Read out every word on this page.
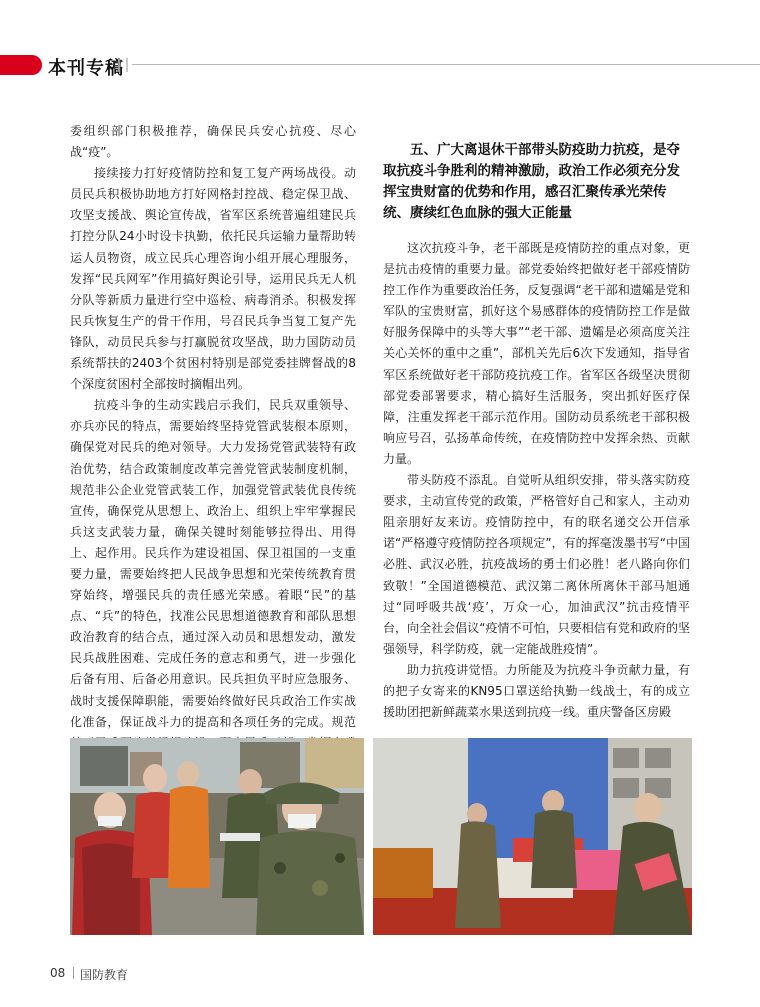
本刊专稿

委组织部门积极推荐，确保民兵安心抗疫、尽心战“疫”。

接续接力打好疫情防控和复工复产两场战役。动员民兵积极协助地方打好网格封控战、稳定保卫战、攻坚支援战、舆论宣传战，省军区系统普遍组建民兵打控分队24小时设卡执勤，依托民兵运输力量帮助转运人员物资，成立民兵心理咨询小组开展心理服务，发挥“民兵网军”作用搞好舆论引导，运用民兵无人机分队等新质力量进行空中巡检、病毒消杀。积极发挥民兵恢复生产的骨干作用，号召民兵争当复工复产先锋队，动员民兵参与打赢脱贫攻坚战，助力国防动员系统帮扶的2403个贫困村特别是部党委挂牌督战的8个深度贫困村全部按时摘帽出列。

抗疫斗争的生动实践启示我们，民兵双重领导、亦兵亦民的特点，需要始终坚持党管武装根本原则，确保党对民兵的绝对领导。大力发扬党管武装特有政治优势，结合政策制度改革完善党管武装制度机制，规范非公企业党管武装工作，加强党管武装优良传统宣传，确保党从思想上、政治上、组织上牢牢掌握民兵这支武装力量，确保关键时刻能够拉得出、用得上、起作用。民兵作为建设祖国、保卫祖国的一支重要力量，需要始终把人民战争思想和光荣传统教育贯穿始终，增强民兵的责任感光荣感。着眼“民”的基点、“兵”的特色，找准公民思想道德教育和部队思想政治教育的结合点，通过深入动员和思想发动，激发民兵战胜困难、完成任务的意志和勇气，进一步强化后备有用、后备必用意识。民兵担负平时应急服务、战时支援保障职能，需要始终做好民兵政治工作实战化准备，保证战斗力的提高和各项任务的完成。规范

五、广大离退休干部带头防疫助力抗疫，是夺取抗疫斗争胜利的精神激励，政治工作必须充分发挥宝贵财富的优势和作用，感召汇聚传承光荣传统、赓续红色血脉的强大正能量

这次抗疫斗争，老干部既是疫情防控的重点对象，更是抗击疫情的重要力量。部党委始终把做好老干部疫情防控工作作为重要政治任务，反复强调“老干部和遗孀是党和军队的宝贵财富，抓好这个易感群体的疫情防控工作是做好服务保障中的头等大事”“老干部、遗孀是必须高度关注关心关怀的重中之重”，部机关先后6次下发通知，指导省军区系统做好老干部防疫抗疫工作。省军区各级坚决贯彻部党委部署要求，精心搞好生活服务，突出抓好医疗保障，注重发挥老干部示范作用。国防动员系统老干部积极响应号召，弘扬革命传统，在疫情防控中发挥余热、贡献力量。

带头防疫不添乱。自觉听从组织安排，带头落实防疫要求，主动宣传党的政策，严格管好自己和家人，主动劝阻亲朋好友来访。疫情防控中，有的联名递交公开信承诺“严格遵守疫情防控各项规定”，有的挥毫泼墨书写“中国必胜、武汉必胜，抗疫战场的勇士们必胜！老八路向你们致敬！”全国道德模范、武汉第二离休所离休干部马旭通过“同呼吸共战‘疫’，万众一心，加油武汉”抗击疫情平台，向全社会倡议“疫情不可怕，只要相信有党和政府的坚强领导，科学防疫，就一定能战胜疫情”。

助力抗疫讲觉悟。力所能及为抗疫斗争贡献力量，有的把子女寄来的KN95口罩送给执勤一线战士，有的成立援助团把新鲜蔬菜水果送到抗疫一线。重庆警备区房殿

08 国防教育
